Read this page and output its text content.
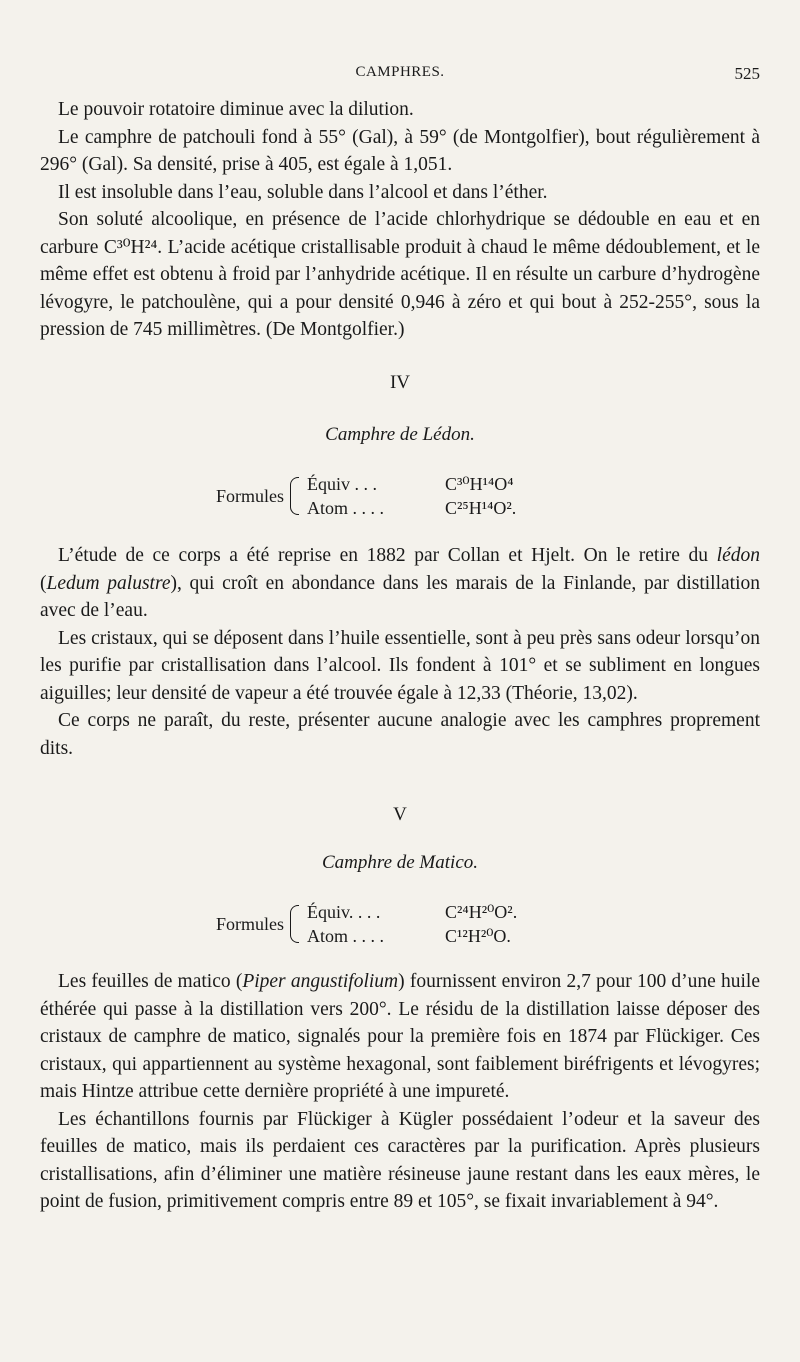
CAMPHRES.	525

Le pouvoir rotatoire diminue avec la dilution.

Le camphre de patchouli fond à 55° (Gal), à 59° (de Montgolfier), bout régulièrement à 296° (Gal). Sa densité, prise à 405, est égale à 1,051.

Il est insoluble dans l’eau, soluble dans l’alcool et dans l’éther.

Son soluté alcoolique, en présence de l’acide chlorhydrique se dédouble en eau et en carbure C³⁰H²⁴. L’acide acétique cristallisable produit à chaud le même dédoublement, et le même effet est obtenu à froid par l’anhydride acétique. Il en résulte un carbure d’hydrogène lévogyre, le patchoulène, qui a pour densité 0,946 à zéro et qui bout à 252-255°, sous la pression de 745 millimètres. (De Montgolfier.)

IV
Camphre de Lédon.
Formules
Équiv . . .	C³⁰H¹⁴O⁴
Atom . . . .	C²⁵H¹⁴O².

L’étude de ce corps a été reprise en 1882 par Collan et Hjelt. On le retire du lédon (Ledum palustre), qui croît en abondance dans les marais de la Finlande, par distillation avec de l’eau.

Les cristaux, qui se déposent dans l’huile essentielle, sont à peu près sans odeur lorsqu’on les purifie par cristallisation dans l’alcool. Ils fondent à 101° et se subliment en longues aiguilles; leur densité de vapeur a été trouvée égale à 12,33 (Théorie, 13,02).

Ce corps ne paraît, du reste, présenter aucune analogie avec les camphres proprement dits.

V
Camphre de Matico.
Formules
Équiv. . . .	C²⁴H²⁰O².
Atom . . . .	C¹²H²⁰O.

Les feuilles de matico (Piper angustifolium) fournissent environ 2,7 pour 100 d’une huile éthérée qui passe à la distillation vers 200°. Le résidu de la distillation laisse déposer des cristaux de camphre de matico, signalés pour la première fois en 1874 par Flückiger. Ces cristaux, qui appartiennent au système hexagonal, sont faiblement biréfrigents et lévogyres; mais Hintze attribue cette dernière propriété à une impureté.

Les échantillons fournis par Flückiger à Kügler possédaient l’odeur et la saveur des feuilles de matico, mais ils perdaient ces caractères par la purification. Après plusieurs cristallisations, afin d’éliminer une matière résineuse jaune restant dans les eaux mères, le point de fusion, primitivement compris entre 89 et 105°, se fixait invariablement à 94°.
